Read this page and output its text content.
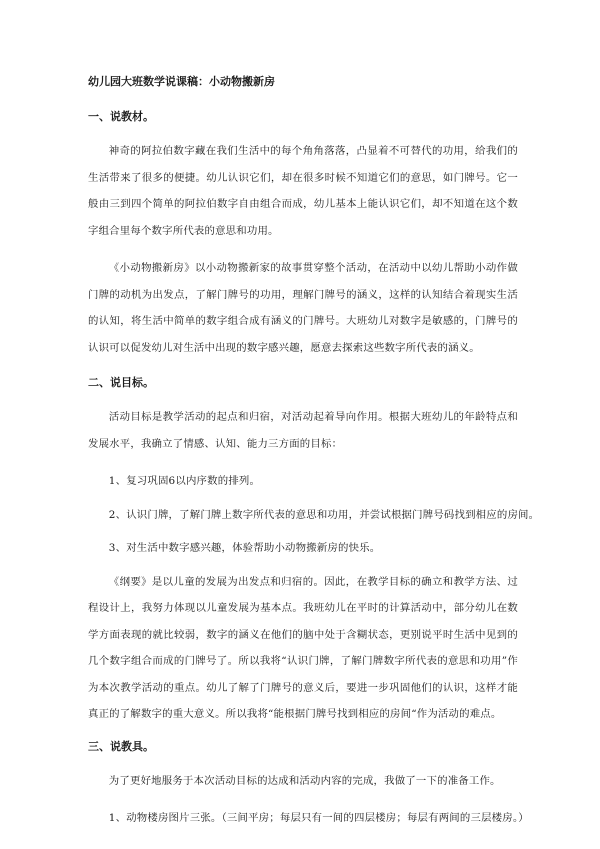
幼儿园大班数学说课稿：小动物搬新房
一、说教材。

神奇的阿拉伯数字藏在我们生活中的每个角角落落，凸显着不可替代的功用，给我们的生活带来了很多的便捷。幼儿认识它们，却在很多时候不知道它们的意思，如门牌号。它一般由三到四个简单的阿拉伯数字自由组合而成，幼儿基本上能认识它们，却不知道在这个数字组合里每个数字所代表的意思和功用。

《小动物搬新房》以小动物搬新家的故事贯穿整个活动，在活动中以幼儿帮助小动作做门牌的动机为出发点，了解门牌号的功用，理解门牌号的涵义，这样的认知结合着现实生活的认知，将生活中简单的数字组合成有涵义的门牌号。大班幼儿对数字是敏感的，门牌号的认识可以促发幼儿对生活中出现的数字感兴趣，愿意去探索这些数字所代表的涵义。

二、说目标。

活动目标是教学活动的起点和归宿，对活动起着导向作用。根据大班幼儿的年龄特点和发展水平，我确立了情感、认知、能力三方面的目标：

1、复习巩固6以内序数的排列。

2、认识门牌，了解门牌上数字所代表的意思和功用，并尝试根据门牌号码找到相应的房间。

3、对生活中数字感兴趣，体验帮助小动物搬新房的快乐。

《纲要》是以儿童的发展为出发点和归宿的。因此，在教学目标的确立和教学方法、过程设计上，我努力体现以儿童发展为基本点。我班幼儿在平时的计算活动中，部分幼儿在数学方面表现的就比较弱，数字的涵义在他们的脑中处于含糊状态，更别说平时生活中见到的几个数字组合而成的门牌号了。所以我将“认识门牌，了解门牌数字所代表的意思和功用”作为本次教学活动的重点。幼儿了解了门牌号的意义后，要进一步巩固他们的认识，这样才能真正的了解数字的重大意义。所以我将“能根据门牌号找到相应的房间“作为活动的难点。

三、说教具。

为了更好地服务于本次活动目标的达成和活动内容的完成，我做了一下的准备工作。

1、动物楼房图片三张。（三间平房；每层只有一间的四层楼房；每层有两间的三层楼房。）
